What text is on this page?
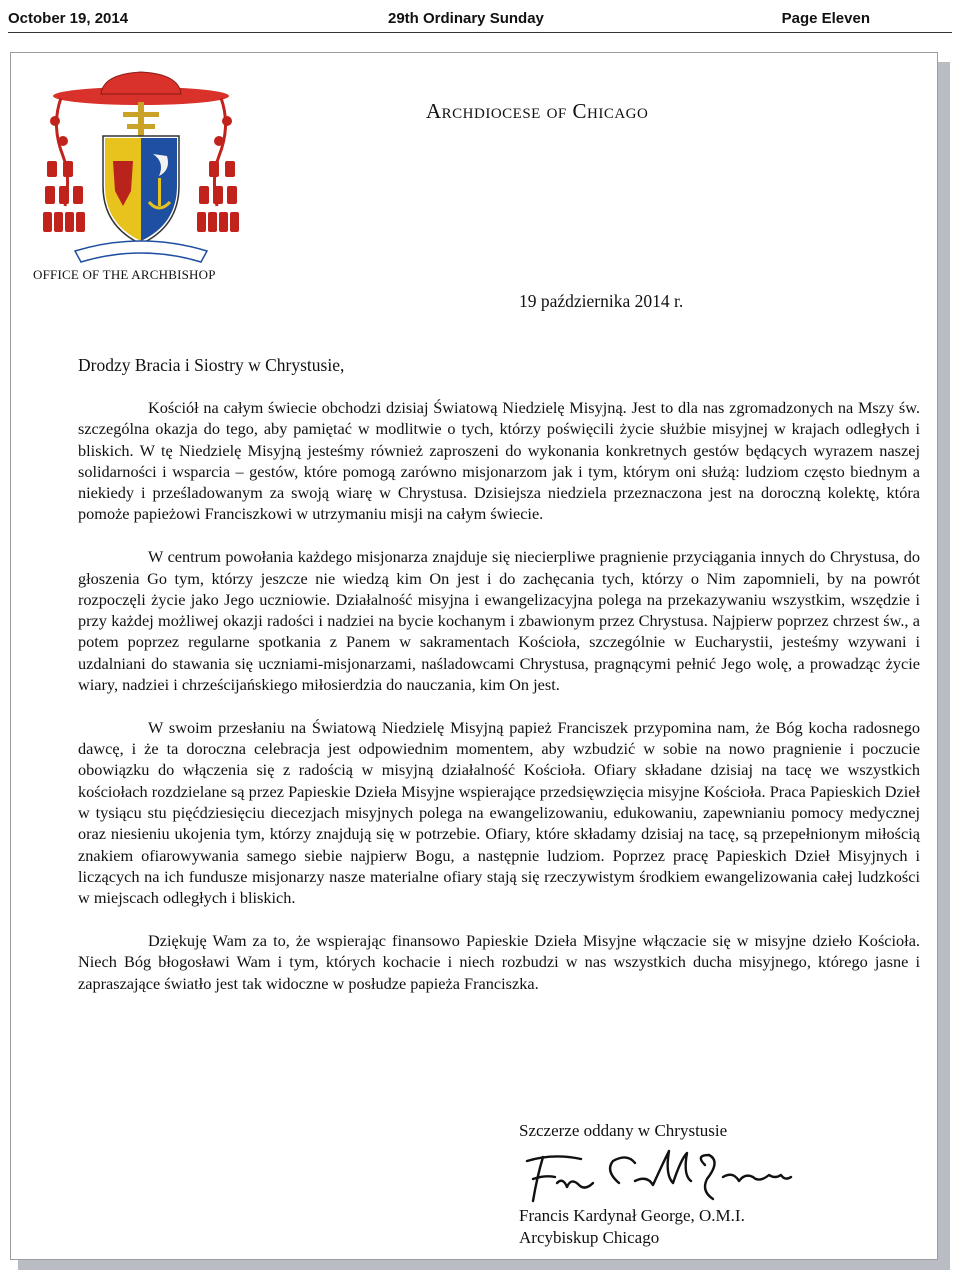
October 19, 2014	29th Ordinary Sunday	Page Eleven
Archdiocese of Chicago
OFFICE OF THE ARCHBISHOP
19 października 2014 r.
Drodzy Bracia i Siostry w Chrystusie,

Kościół na całym świecie obchodzi dzisiaj Światową Niedzielę Misyjną. Jest to dla nas zgromadzonych na Mszy św. szczególna okazja do tego, aby pamiętać w modlitwie o tych, którzy poświęcili życie służbie misyjnej w krajach odległych i bliskich. W tę Niedzielę Misyjną jesteśmy również zaproszeni do wykonania konkretnych gestów będących wyrazem naszej solidarności i wsparcia – gestów, które pomogą zarówno misjonarzom jak i tym, którym oni służą: ludziom często biednym a niekiedy i prześladowanym za swoją wiarę w Chrystusa. Dzisiejsza niedziela przeznaczona jest na doroczną kolektę, która pomoże papieżowi Franciszkowi w utrzymaniu misji na całym świecie.

W centrum powołania każdego misjonarza znajduje się niecierpliwe pragnienie przyciągania innych do Chrystusa, do głoszenia Go tym, którzy jeszcze nie wiedzą kim On jest i do zachęcania tych, którzy o Nim zapomnieli, by na powrót rozpoczęli życie jako Jego uczniowie. Działalność misyjna i ewangelizacyjna polega na przekazywaniu wszystkim, wszędzie i przy każdej możliwej okazji radości i nadziei na bycie kochanym i zbawionym przez Chrystusa. Najpierw poprzez chrzest św., a potem poprzez regularne spotkania z Panem w sakramentach Kościoła, szczególnie w Eucharystii, jesteśmy wzywani i uzdalniani do stawania się uczniami-misjonarzami, naśladowcami Chrystusa, pragnącymi pełnić Jego wolę, a prowadząc życie wiary, nadziei i chrześcijańskiego miłosierdzia do nauczania, kim On jest.

W swoim przesłaniu na Światową Niedzielę Misyjną papież Franciszek przypomina nam, że Bóg kocha radosnego dawcę, i że ta doroczna celebracja jest odpowiednim momentem, aby wzbudzić w sobie na nowo pragnienie i poczucie obowiązku do włączenia się z radością w misyjną działalność Kościoła. Ofiary składane dzisiaj na tacę we wszystkich kościołach rozdzielane są przez Papieskie Dzieła Misyjne wspierające przedsięwzięcia misyjne Kościoła. Praca Papieskich Dzieł w tysiącu stu pięćdziesięciu diecezjach misyjnych polega na ewangelizowaniu, edukowaniu, zapewnianiu pomocy medycznej oraz niesieniu ukojenia tym, którzy znajdują się w potrzebie. Ofiary, które składamy dzisiaj na tacę, są przepełnionym miłością znakiem ofiarowywania samego siebie najpierw Bogu, a następnie ludziom. Poprzez pracę Papieskich Dzieł Misyjnych i liczących na ich fundusze misjonarzy nasze materialne ofiary stają się rzeczywistym środkiem ewangelizowania całej ludzkości w miejscach odległych i bliskich.

Dziękuję Wam za to, że wspierając finansowo Papieskie Dzieła Misyjne włączacie się w misyjne dzieło Kościoła. Niech Bóg błogosławi Wam i tym, których kochacie i niech rozbudzi w nas wszystkich ducha misyjnego, którego jasne i zapraszające światło jest tak widoczne w posłudze papieża Franciszka.

Szczerze oddany w Chrystusie
Francis Kardynał George, O.M.I.
Arcybiskup Chicago
